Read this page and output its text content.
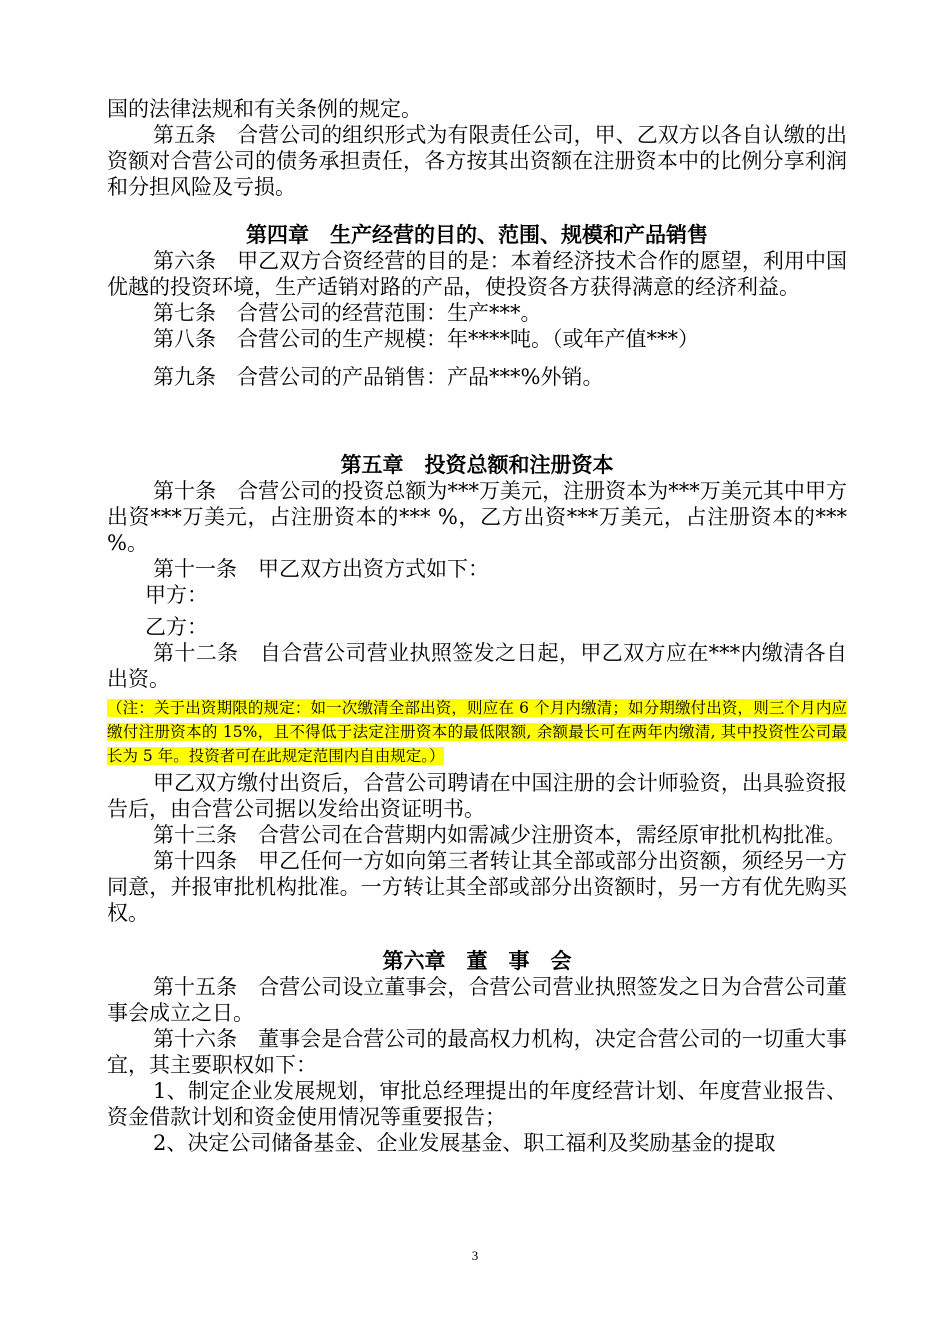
国的法律法规和有关条例的规定。

第五条　合营公司的组织形式为有限责任公司，甲、乙双方以各自认缴的出资额对合营公司的债务承担责任，各方按其出资额在注册资本中的比例分享利润和分担风险及亏损。

第四章　生产经营的目的、范围、规模和产品销售

第六条　甲乙双方合资经营的目的是：本着经济技术合作的愿望，利用中国优越的投资环境，生产适销对路的产品，使投资各方获得满意的经济利益。

第七条　合营公司的经营范围：生产***。

第八条　合营公司的生产规模：年****吨。（或年产值***）

第九条　合营公司的产品销售：产品***%外销。

第五章　投资总额和注册资本

第十条　合营公司的投资总额为***万美元，注册资本为***万美元其中甲方出资***万美元，占注册资本的*** %，乙方出资***万美元，占注册资本的*** %。

第十一条　甲乙双方出资方式如下：

甲方：

乙方：

第十二条　自合营公司营业执照签发之日起，甲乙双方应在***内缴清各自出资。

（注：关于出资期限的规定：如一次缴清全部出资，则应在 6 个月内缴清；如分期缴付出资，则三个月内应缴付注册资本的 15%，且不得低于法定注册资本的最低限额, 余额最长可在两年内缴清, 其中投资性公司最长为 5 年。投资者可在此规定范围内自由规定。）

甲乙双方缴付出资后，合营公司聘请在中国注册的会计师验资，出具验资报告后，由合营公司据以发给出资证明书。

第十三条　合营公司在合营期内如需减少注册资本，需经原审批机构批准。

第十四条　甲乙任何一方如向第三者转让其全部或部分出资额，须经另一方同意，并报审批机构批准。一方转让其全部或部分出资额时，另一方有优先购买权。

第六章　董　事　会

第十五条　合营公司设立董事会，合营公司营业执照签发之日为合营公司董事会成立之日。

第十六条　董事会是合营公司的最高权力机构，决定合营公司的一切重大事宜，其主要职权如下：

1、制定企业发展规划，审批总经理提出的年度经营计划、年度营业报告、资金借款计划和资金使用情况等重要报告；

2、决定公司储备基金、企业发展基金、职工福利及奖励基金的提取

3
